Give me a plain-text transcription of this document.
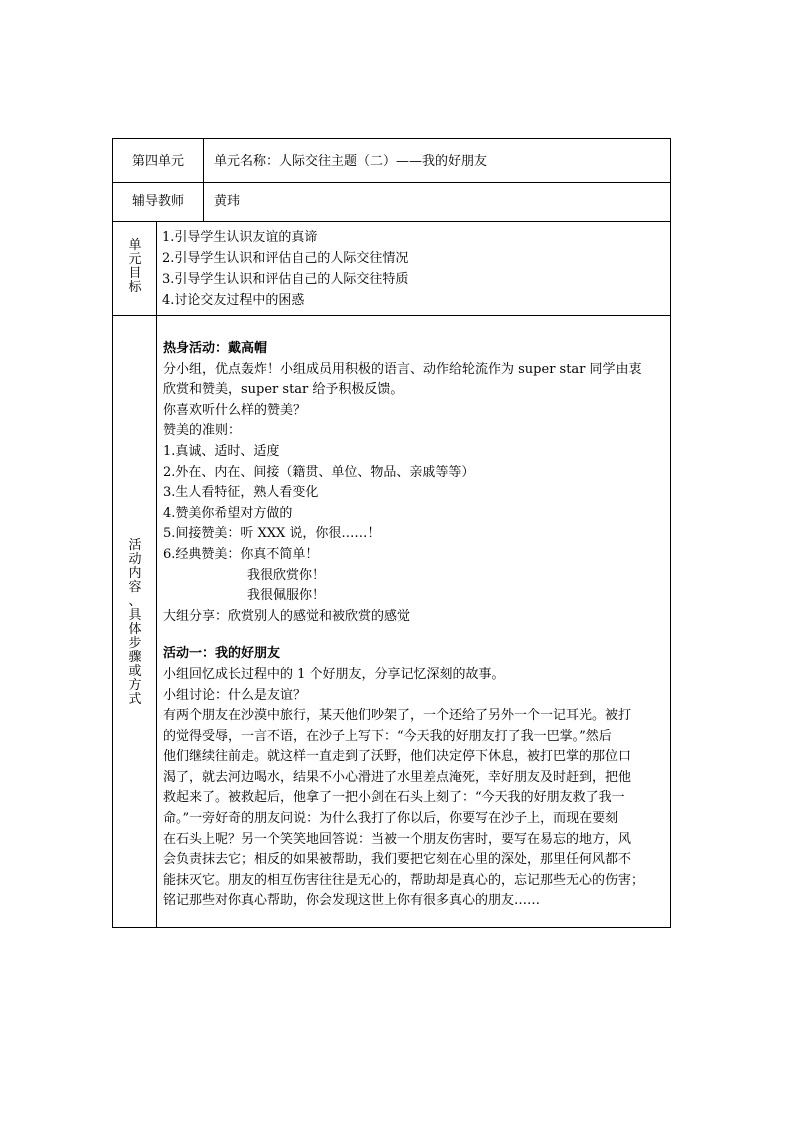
第四单元 单元名称：人际交往主题（二）——我的好朋友
辅导教师 黄玮
单
元
目
标
1.引导学生认识友谊的真谛
2.引导学生认识和评估自己的人际交往情况
3.引导学生认识和评估自己的人际交往特质
4.讨论交友过程中的困惑
活
动
内
容
、
具
体
步
骤
或
方
式

热身活动：戴高帽

分小组，优点轰炸！小组成员用积极的语言、动作给轮流作为 super star 同学由衷

欣赏和赞美，super star 给予积极反馈。

你喜欢听什么样的赞美？

赞美的准则：

1.真诚、适时、适度

2.外在、内在、间接（籍贯、单位、物品、亲戚等等）

3.生人看特征，熟人看变化

4.赞美你希望对方做的

5.间接赞美：听 XXX 说，你很……！

6.经典赞美：你真不简单！

我很欣赏你！

我很佩服你！

大组分享：欣赏别人的感觉和被欣赏的感觉

活动一：我的好朋友

小组回忆成长过程中的 1 个好朋友，分享记忆深刻的故事。

小组讨论：什么是友谊？

有两个朋友在沙漠中旅行，某天他们吵架了，一个还给了另外一个一记耳光。被打

的觉得受辱，一言不语，在沙子上写下：“今天我的好朋友打了我一巴掌。”然后

他们继续往前走。就这样一直走到了沃野，他们决定停下休息，被打巴掌的那位口

渴了，就去河边喝水，结果不小心滑进了水里差点淹死，幸好朋友及时赶到，把他

救起来了。被救起后，他拿了一把小剑在石头上刻了：“今天我的好朋友救了我一

命。”一旁好奇的朋友问说：为什么我打了你以后，你要写在沙子上，而现在要刻

在石头上呢？另一个笑笑地回答说：当被一个朋友伤害时，要写在易忘的地方，风

会负责抹去它；相反的如果被帮助，我们要把它刻在心里的深处，那里任何风都不

能抹灭它。朋友的相互伤害往往是无心的，帮助却是真心的，忘记那些无心的伤害；

铭记那些对你真心帮助，你会发现这世上你有很多真心的朋友……
